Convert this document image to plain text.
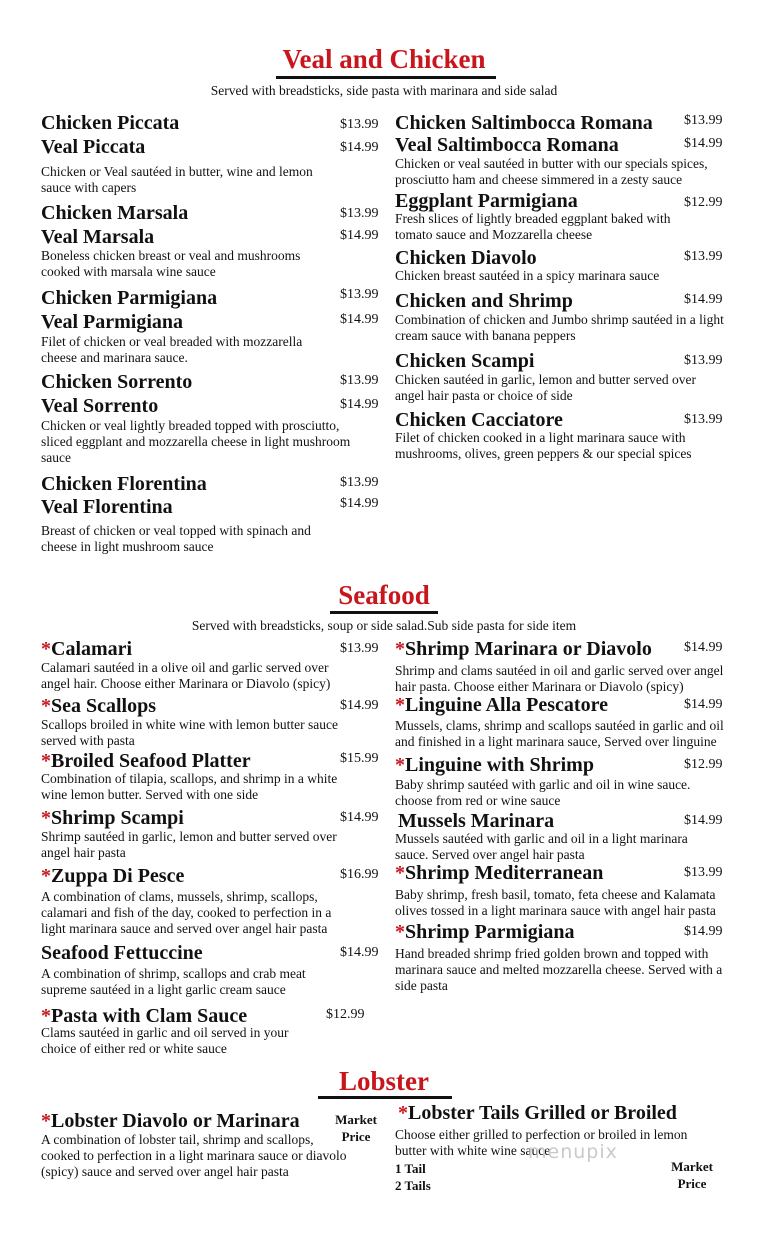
Veal and Chicken
Served with breadsticks, side pasta with marinara and side salad
Chicken Piccata	$13.99
Veal Piccata	$14.99
Chicken or Veal sautéed in butter, wine and lemon sauce with capers
Chicken Marsala	$13.99
Veal Marsala	$14.99
Boneless chicken breast or veal and mushrooms cooked with marsala wine sauce
Chicken Parmigiana	$13.99
Veal Parmigiana	$14.99
Filet of chicken or veal breaded with mozzarella cheese and marinara sauce.
Chicken Sorrento	$13.99
Veal Sorrento	$14.99
Chicken or veal lightly breaded topped with prosciutto, sliced eggplant and mozzarella cheese in light mushroom sauce
Chicken Florentina	$13.99
Veal Florentina	$14.99
Breast of chicken or veal topped with spinach and cheese in light mushroom sauce
Chicken Saltimbocca Romana $13.99
Veal Saltimbocca Romana	$14.99
Chicken or veal sautéed in butter with our specials spices, prosciutto ham and cheese simmered in a zesty sauce
Eggplant Parmigiana	$12.99
Fresh slices of lightly breaded eggplant baked with tomato sauce and Mozzarella cheese
Chicken Diavolo	$13.99
Chicken breast sautéed in a spicy marinara sauce
Chicken and Shrimp	$14.99
Combination of chicken and Jumbo shrimp sautéed in a light cream sauce with banana peppers
Chicken Scampi	$13.99
Chicken sautéed in garlic, lemon and butter served over angel hair pasta or choice of side
Chicken Cacciatore	$13.99
Filet of chicken cooked in a light marinara sauce with mushrooms, olives, green peppers & our special spices
Seafood
Served with breadsticks, soup or side salad.Sub side pasta for side item
*Calamari	$13.99
Calamari sautéed in a olive oil and garlic served over angel hair. Choose either Marinara or Diavolo (spicy)
*Sea Scallops	$14.99
Scallops broiled in white wine with lemon butter sauce served with pasta
*Broiled Seafood Platter	$15.99
Combination of tilapia, scallops, and shrimp in a white wine lemon butter. Served with one side
*Shrimp Scampi	$14.99
Shrimp sautéed in garlic, lemon and butter served over angel hair pasta
*Zuppa Di Pesce	$16.99
A combination of clams, mussels, shrimp, scallops, calamari and fish of the day, cooked to perfection in a light marinara sauce and served over angel hair pasta
Seafood Fettuccine	$14.99
A combination of shrimp, scallops and crab meat supreme sautéed in a light garlic cream sauce
*Pasta with Clam Sauce	$12.99
Clams sautéed in garlic and oil served in your choice of either red or white sauce
*Shrimp Marinara or Diavolo $14.99
Shrimp and clams sautéed in oil and garlic served over angel hair pasta. Choose either Marinara or Diavolo (spicy)
*Linguine Alla Pescatore	$14.99
Mussels, clams, shrimp and scallops sautéed in garlic and oil and finished in a light marinara sauce, Served over linguine
*Linguine with Shrimp	$12.99
Baby shrimp sautéed with garlic and oil in wine sauce. choose from red or wine sauce
Mussels Marinara	$14.99
Mussels sautéed with garlic and oil in a light marinara sauce. Served over angel hair pasta
*Shrimp Mediterranean	$13.99
Baby shrimp, fresh basil, tomato, feta cheese and Kalamata olives tossed in a light marinara sauce with angel hair pasta
*Shrimp Parmigiana	$14.99
Hand breaded shrimp fried golden brown and topped with marinara sauce and melted mozzarella cheese. Served with a side pasta
Lobster
*Lobster Diavolo or Marinara	Market
Price
A combination of lobster tail, shrimp and scallops, cooked to perfection in a light marinara sauce or diavolo (spicy) sauce and served over angel hair pasta
*Lobster Tails Grilled or Broiled
Choose either grilled to perfection or broiled in lemon butter with white wine sauce
1 Tail
2 Tails
Market
Price
menupix
